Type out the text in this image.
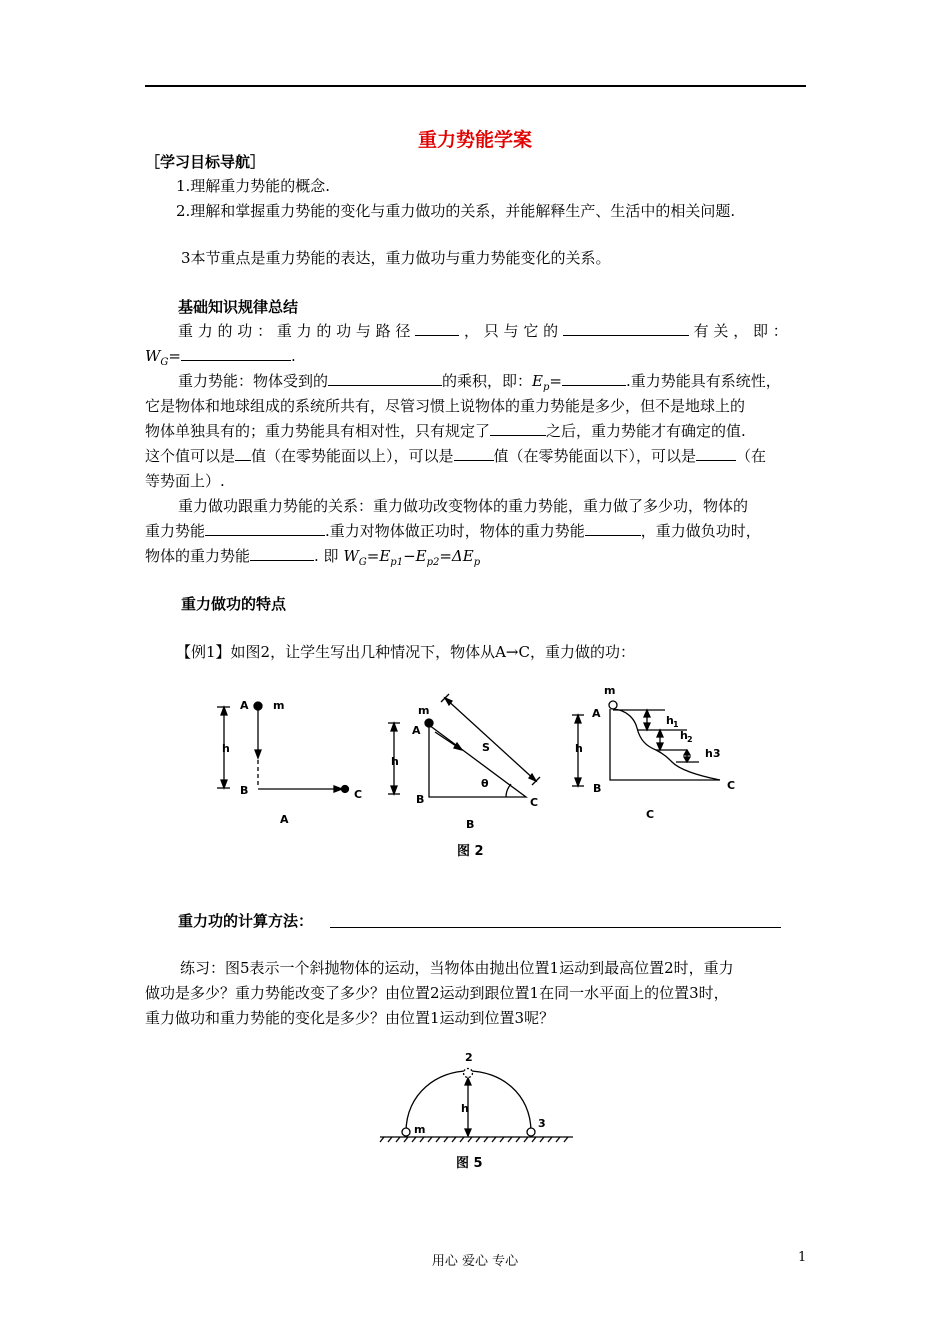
重力势能学案
［学习目标导航］
1.理解重力势能的概念.
2.理解和掌握重力势能的变化与重力做功的关系，并能解释生产、生活中的相关问题.
3本节重点是重力势能的表达，重力做功与重力势能变化的关系。
基础知识规律总结
重 力 的 功 ： 重 力 的 功 与 路 径	， 只 与 它 的	有 关 ， 即 ：
$W_G=$	.
重力势能：物体受到的	的乘积，即：$E_p=$	.重力势能具有系统性，
它是物体和地球组成的系统所共有，尽管习惯上说物体的重力势能是多少，但不是地球上的
物体单独具有的；重力势能具有相对性，只有规定了	之后，重力势能才有确定的值.
这个值可以是 值（在零势能面以上），可以是	值（在零势能面以下），可以是	（在
等势面上）.
重力做功跟重力势能的关系：重力做功改变物体的重力势能，重力做了多少功，物体的
重力势能	.重力对物体做正功时，物体的重力势能	，重力做负功时，
物体的重力势能	. 即 $W_G=E_{p1}-E_{p2}=\Delta E_p$
重力做功的特点
【例1】如图2，让学生写出几种情况下，物体从A→C，重力做的功：
A m
h
B	C
A
m
A
h
B	C
S
θ
B
m
A
h
B	C
h 1
h 2
h3
C
图 2
重力功的计算方法：
练习：图5表示一个斜抛物体的运动，当物体由抛出位置1运动到最高位置2时，重力
做功是多少？重力势能改变了多少？由位置2运动到跟位置1在同一水平面上的位置3时，
重力做功和重力势能的变化是多少？由位置1运动到位置3呢？
2
3
m
h
图 5
用心 爱心 专心	1
